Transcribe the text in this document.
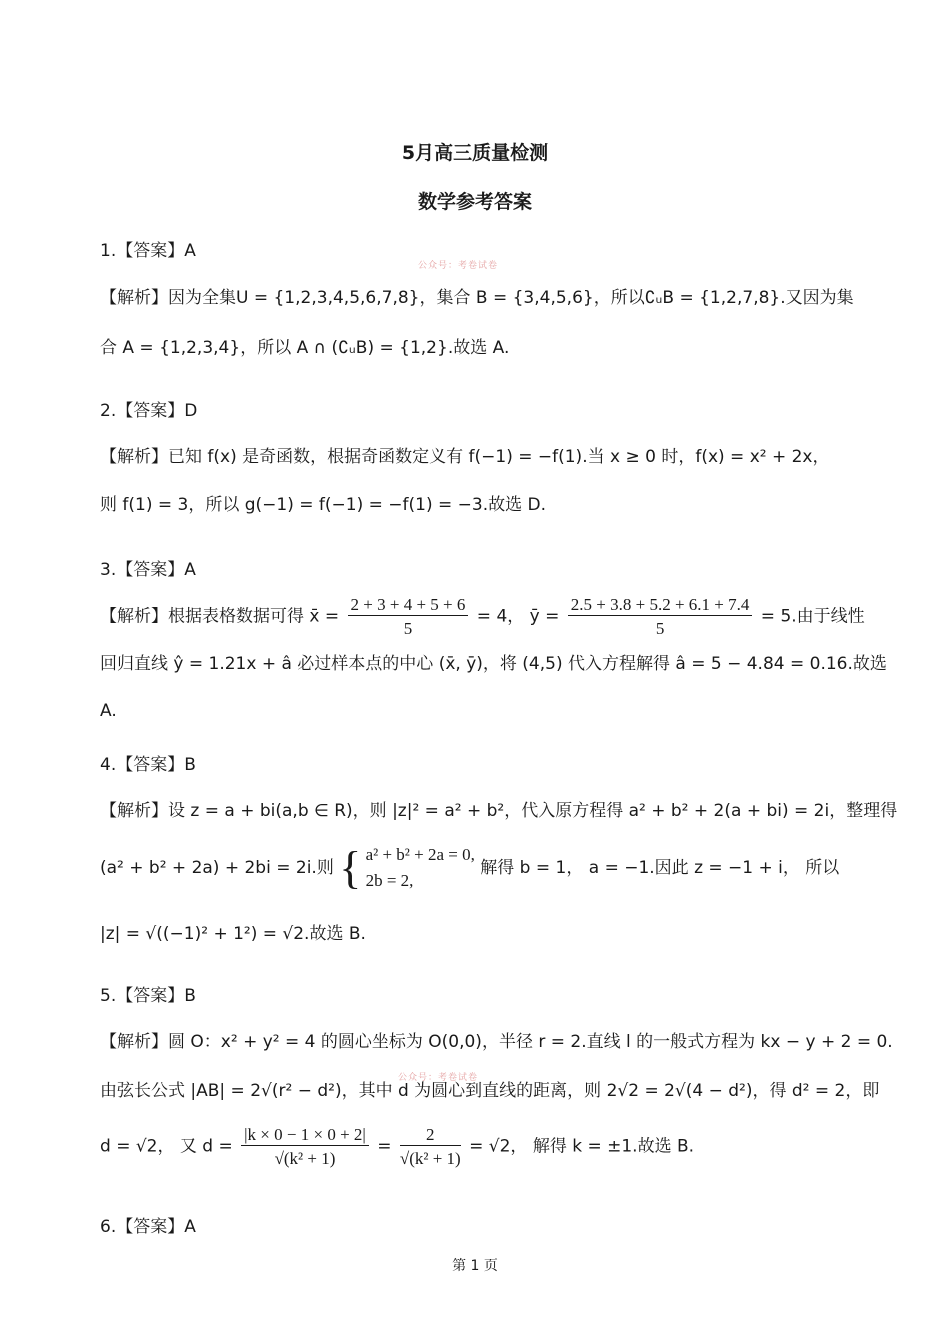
5月高三质量检测
数学参考答案
公众号：考卷试卷
1.【答案】A
【解析】因为全集U = {1,2,3,4,5,6,7,8}，集合 B = {3,4,5,6}，所以∁ᵤB = {1,2,7,8}.又因为集
合 A = {1,2,3,4}，所以 A ∩ (∁ᵤB) = {1,2}.故选 A.
2.【答案】D
【解析】已知 f(x) 是奇函数，根据奇函数定义有 f(−1) = −f(1).当 x ≥ 0 时，f(x) = x² + 2x，
则 f(1) = 3，所以 g(−1) = f(−1) = −f(1) = −3.故选 D.
3.【答案】A
【解析】根据表格数据可得 x̄ = $\frac{2 + 3 + 4 + 5 + 6}{5} = 4$， ȳ = $\frac{2.5 + 3.8 + 5.2 + 6.1 + 7.4}{5} = 5$.由于线性
回归直线 ŷ = 1.21x + â 必过样本点的中心 (x̄, ȳ)，将 (4,5) 代入方程解得 â = 5 − 4.84 = 0.16.故选
A.
4.【答案】B
【解析】设 z = a + bi(a,b ∈ R)，则 |z|² = a² + b²，代入原方程得 a² + b² + 2(a + bi) = 2i，整理得
(a² + b² + 2a) + 2bi = 2i.则 { a² + b² + 2a = 0,
2b = 2, 解得 b = 1， a = −1.因此 z = −1 + i， 所以
|z| = √((−1)² + 1²) = √2.故选 B.
5.【答案】B
【解析】圆 O：x² + y² = 4 的圆心坐标为 O(0,0)，半径 r = 2.直线 l 的一般式方程为 kx − y + 2 = 0.
公众号：考卷试卷
由弦长公式 |AB| = 2√(r² − d²)，其中 d 为圆心到直线的距离，则 2√2 = 2√(4 − d²)，得 d² = 2，即
d = √2， 又 $d = \frac{|k \times 0 - 1 \times 0 + 2|}{\text{√(k² + 1)}} = \frac{2}{\text{√(k² + 1)}} = √2$， 解得 k = ±1.故选 B.
6.【答案】A
第 1 页
